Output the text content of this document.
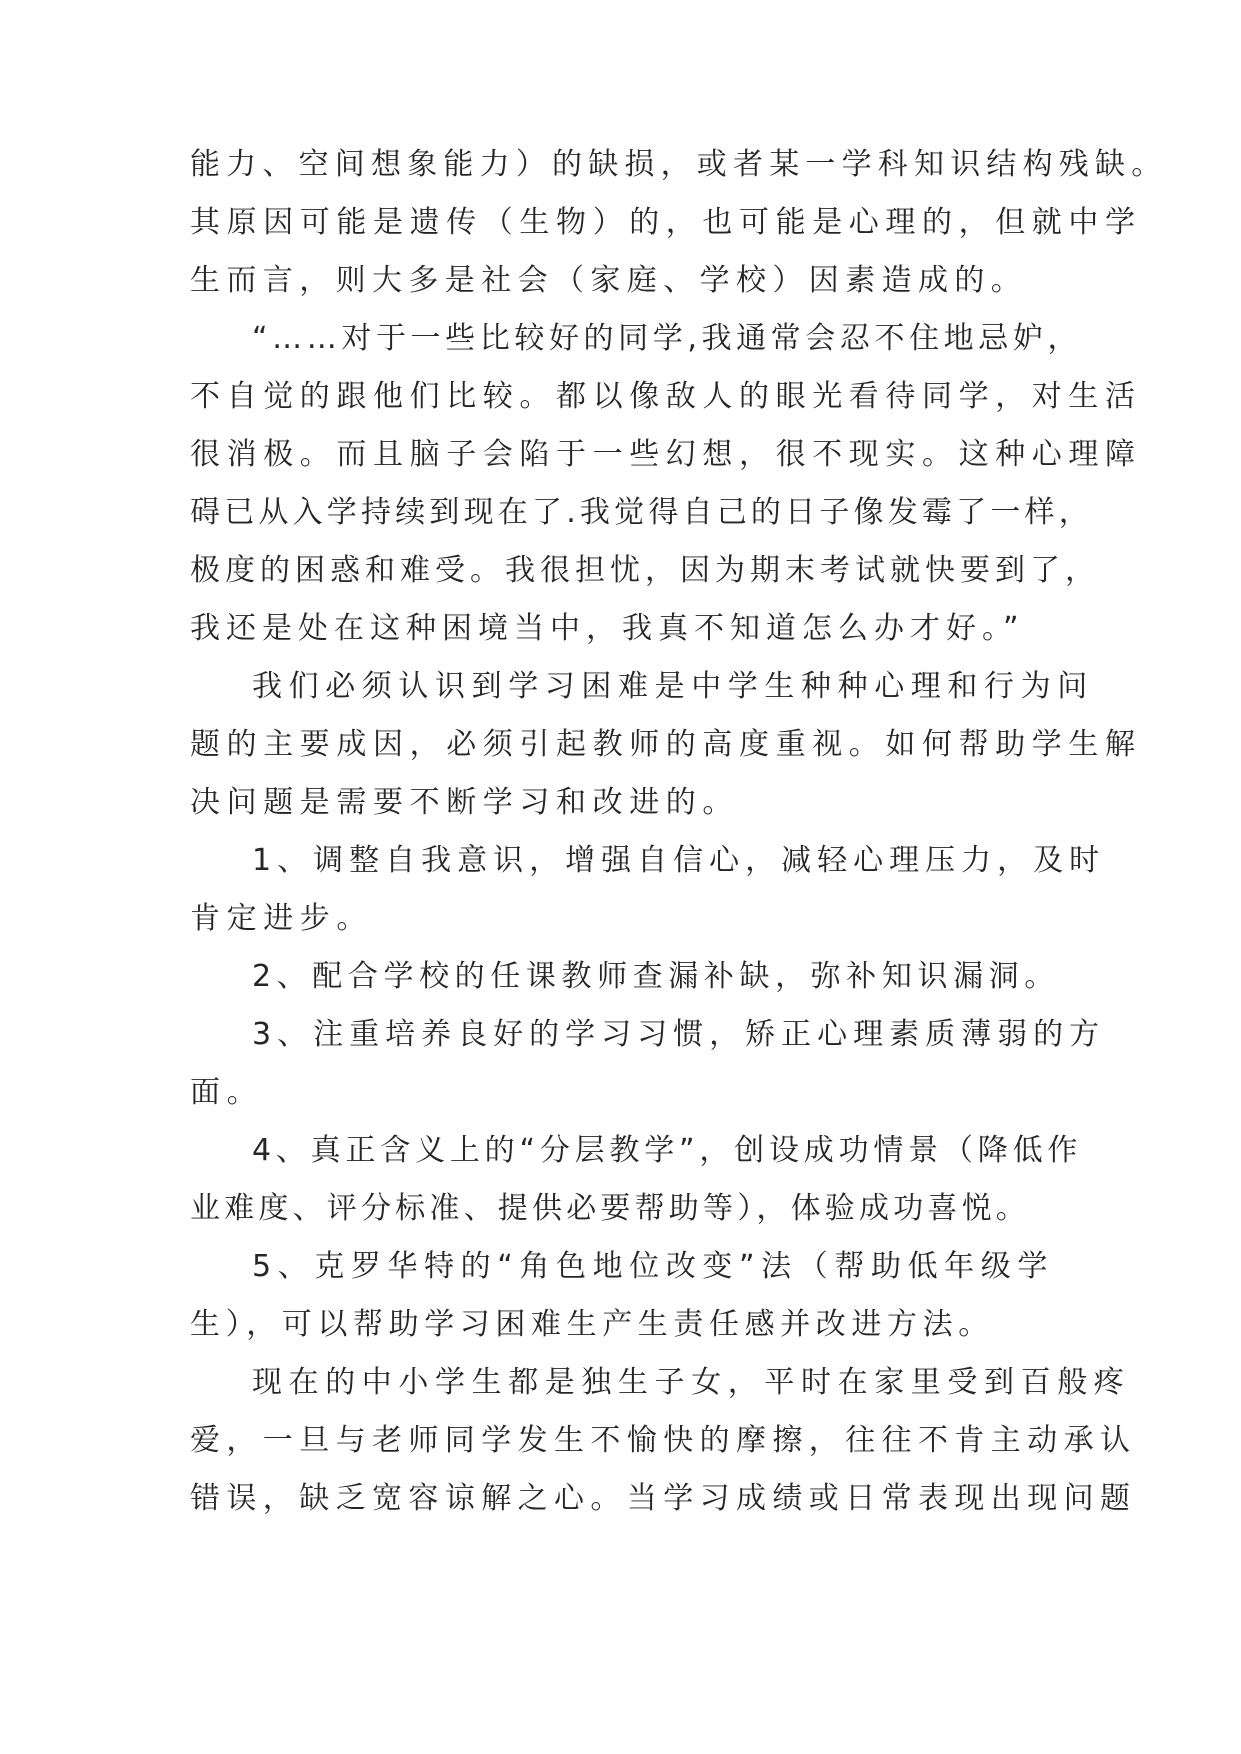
能力、空间想象能力）的缺损，或者某一学科知识结构残缺。

其原因可能是遗传（生物）的，也可能是心理的，但就中学

生而言，则大多是社会（家庭、学校）因素造成的。

“……对于一些比较好的同学,我通常会忍不住地忌妒，

不自觉的跟他们比较。都以像敌人的眼光看待同学，对生活

很消极。而且脑子会陷于一些幻想，很不现实。这种心理障

碍已从入学持续到现在了.我觉得自己的日子像发霉了一样，

极度的困惑和难受。我很担忧，因为期末考试就快要到了，

我还是处在这种困境当中，我真不知道怎么办才好。”

我们必须认识到学习困难是中学生种种心理和行为问

题的主要成因，必须引起教师的高度重视。如何帮助学生解

决问题是需要不断学习和改进的。

1、调整自我意识，增强自信心，减轻心理压力，及时

肯定进步。

2、配合学校的任课教师查漏补缺，弥补知识漏洞。

3、注重培养良好的学习习惯，矫正心理素质薄弱的方

面。

4、真正含义上的“分层教学”，创设成功情景（降低作

业难度、评分标准、提供必要帮助等），体验成功喜悦。

5、克罗华特的“角色地位改变”法（帮助低年级学

生），可以帮助学习困难生产生责任感并改进方法。

现在的中小学生都是独生子女，平时在家里受到百般疼

爱，一旦与老师同学发生不愉快的摩擦，往往不肯主动承认

错误，缺乏宽容谅解之心。当学习成绩或日常表现出现问题
